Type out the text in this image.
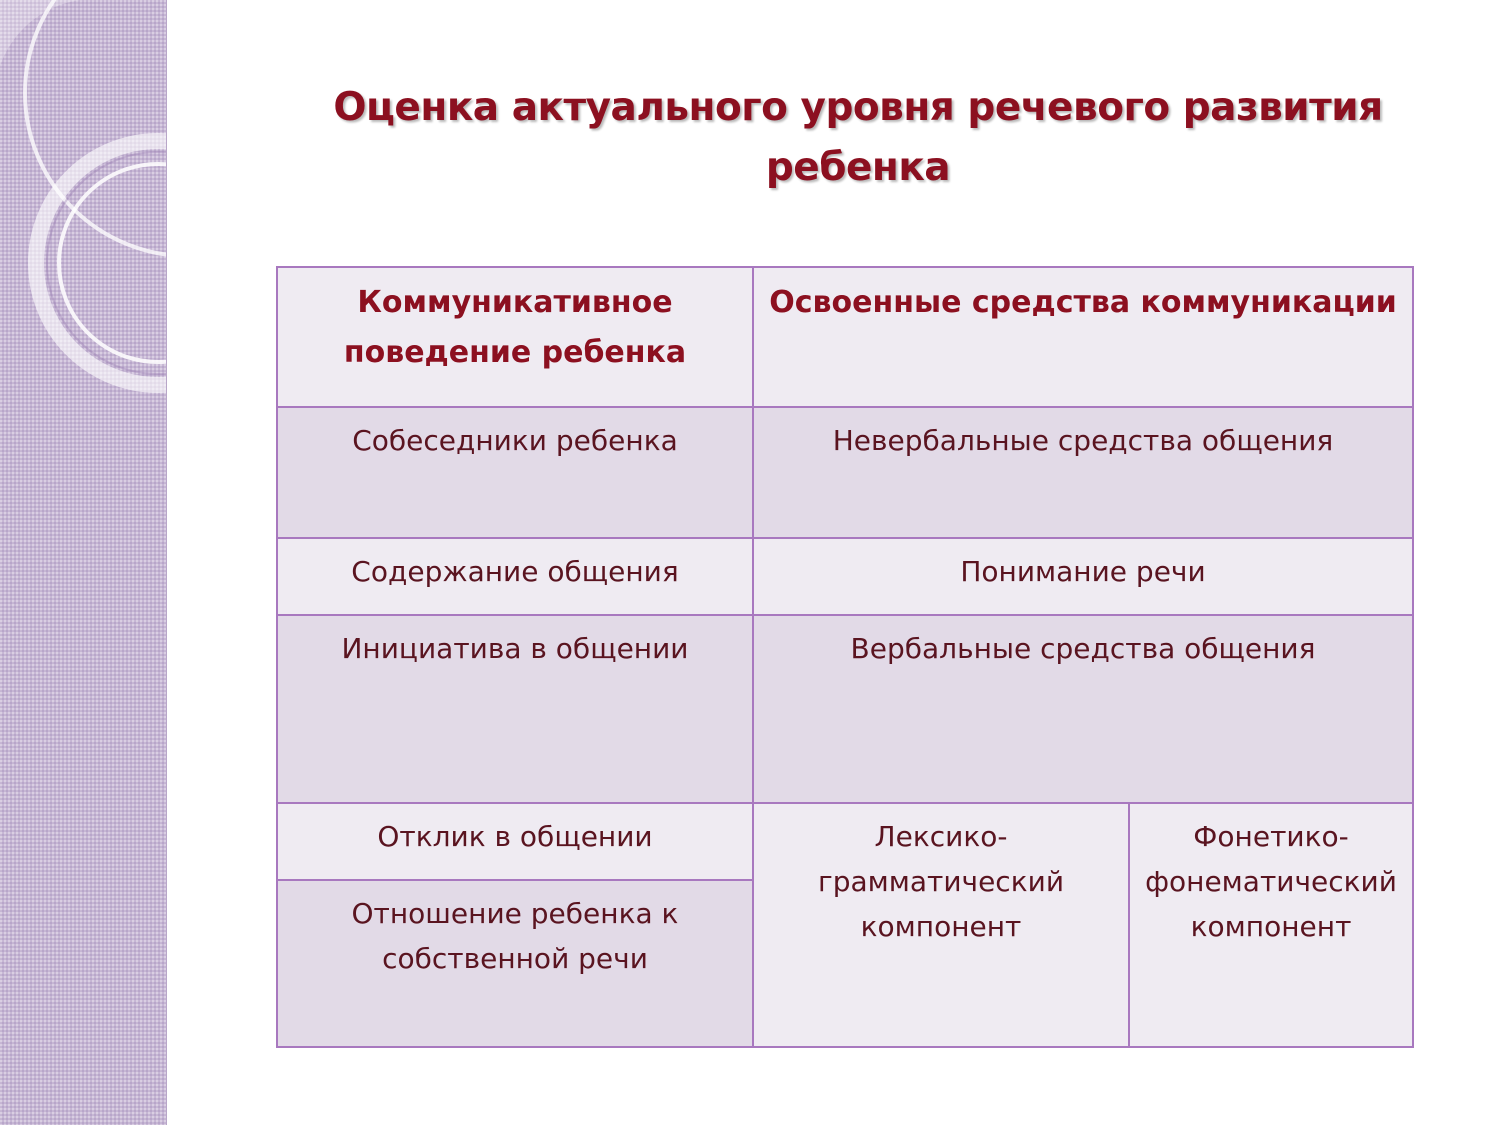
Оценка актуального уровня речевого развития ребенка
Коммуникативное поведение ребенка	Освоенные средства коммуникации	
Собеседники ребенка	Невербальные средства общения	
Содержание общения	Понимание речи	
Инициатива в общении	Вербальные средства общения	
Отклик в общении	Лексико-грамматический компонент	Фонетико-фонематический компонент
Отношение ребенка к собственной речи		
